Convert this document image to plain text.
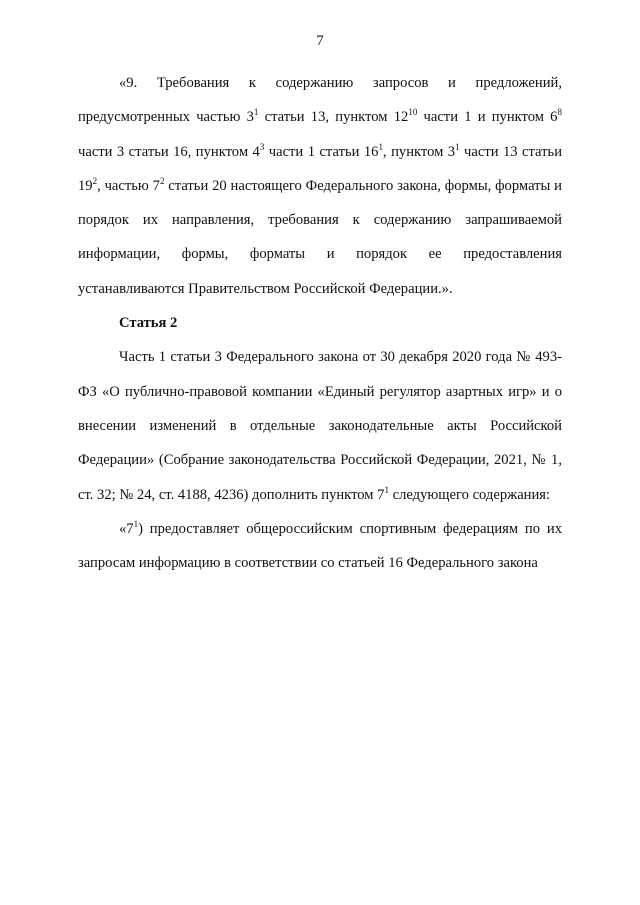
7

«9. Требования к содержанию запросов и предложений, предусмотренных частью $3^1$ статьи 13, пунктом $12^{10}$ части 1 и пунктом $6^8$ части 3 статьи 16, пунктом $4^3$ части 1 статьи $16^1$, пунктом $3^1$ части 13 статьи $19^2$, частью $7^2$ статьи 20 настоящего Федерального закона, формы, форматы и порядок их направления, требования к содержанию запрашиваемой информации, формы, форматы и порядок ее предоставления устанавливаются Правительством Российской Федерации.».

Статья 2

Часть 1 статьи 3 Федерального закона от 30 декабря 2020 года № 493-ФЗ «О публично-правовой компании «Единый регулятор азартных игр» и о внесении изменений в отдельные законодательные акты Российской Федерации» (Собрание законодательства Российской Федерации, 2021, № 1, ст. 32; № 24, ст. 4188, 4236) дополнить пунктом $7^1$ следующего содержания:

«$7^1$) предоставляет общероссийским спортивным федерациям по их запросам информацию в соответствии со статьей 16 Федерального закона
